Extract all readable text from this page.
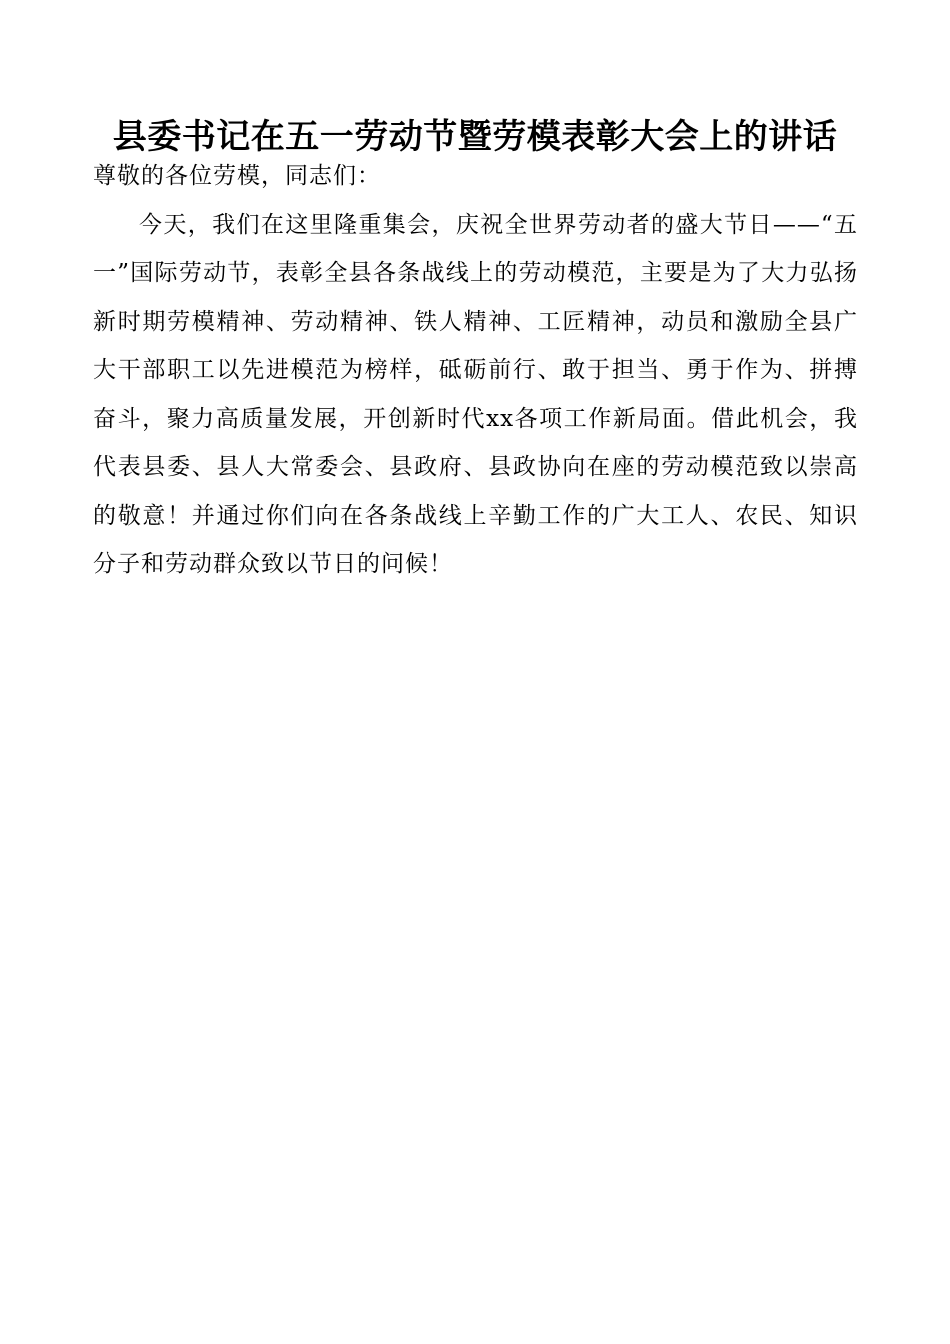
县委书记在五一劳动节暨劳模表彰大会上的讲话

尊敬的各位劳模，同志们：

今天，我们在这里隆重集会，庆祝全世界劳动者的盛大节日——“五一”国际劳动节，表彰全县各条战线上的劳动模范，主要是为了大力弘扬新时期劳模精神、劳动精神、铁人精神、工匠精神，动员和激励全县广大干部职工以先进模范为榜样，砥砺前行、敢于担当、勇于作为、拼搏奋斗，聚力高质量发展，开创新时代xx各项工作新局面。借此机会，我代表县委、县人大常委会、县政府、县政协向在座的劳动模范致以崇高的敬意！并通过你们向在各条战线上辛勤工作的广大工人、农民、知识分子和劳动群众致以节日的问候！
